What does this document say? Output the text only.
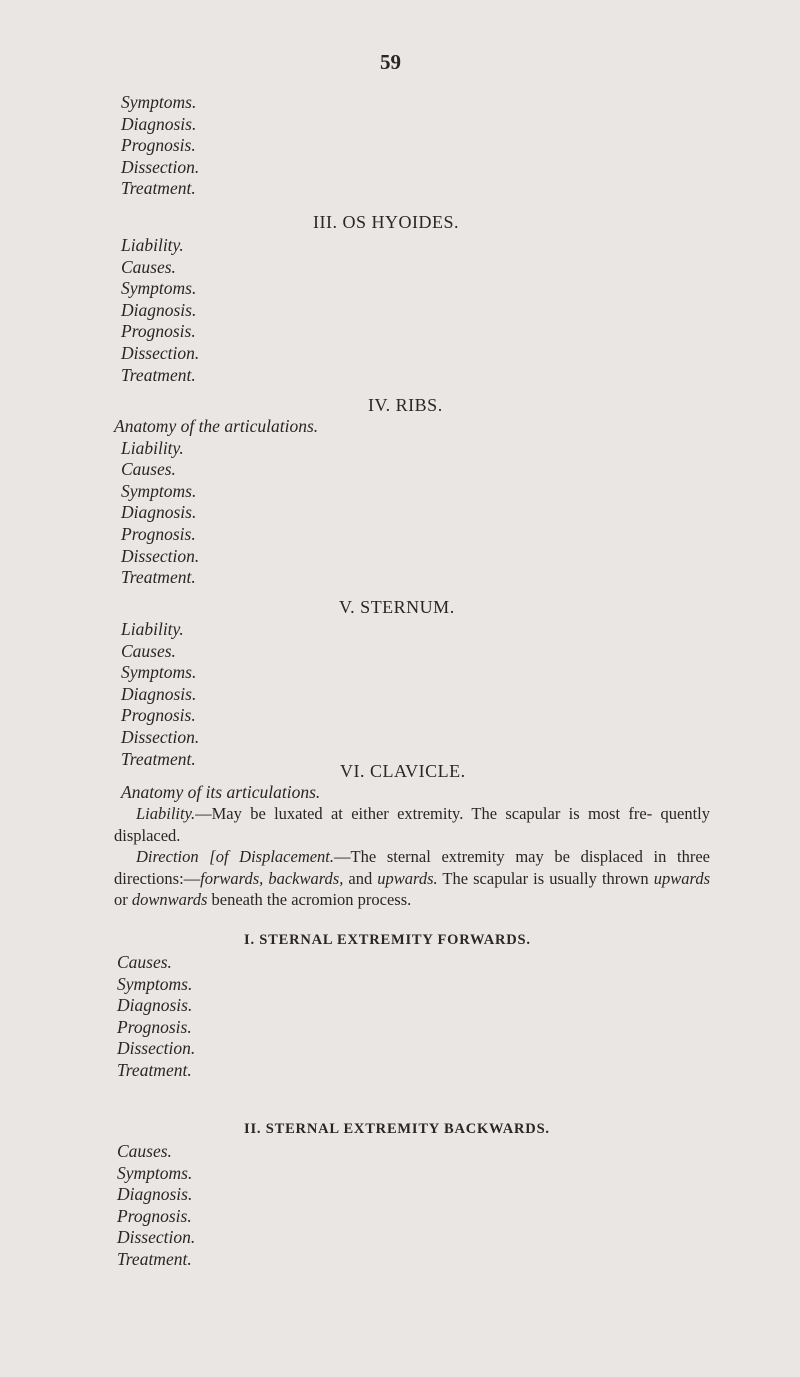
59
Symptoms.
Diagnosis.
Prognosis.
Dissection.
Treatment.
III. OS HYOIDES.
Liability.
Causes.
Symptoms.
Diagnosis.
Prognosis.
Dissection.
Treatment.
IV. RIBS.
Anatomy of the articulations.
Liability.
Causes.
Symptoms.
Diagnosis.
Prognosis.
Dissection.
Treatment.
V. STERNUM.
Liability.
Causes.
Symptoms.
Diagnosis.
Prognosis.
Dissection.
Treatment.
VI. CLAVICLE.
Anatomy of its articulations.

Liability.—May be luxated at either extremity. The scapular is most fre- quently displaced.

Direction [of Displacement.—The sternal extremity may be displaced in three directions:—forwards, backwards, and upwards. The scapular is usually thrown upwards or downwards beneath the acromion process.

I. STERNAL EXTREMITY FORWARDS.
Causes.
Symptoms.
Diagnosis.
Prognosis.
Dissection.
Treatment.
II. STERNAL EXTREMITY BACKWARDS.
Causes.
Symptoms.
Diagnosis.
Prognosis.
Dissection.
Treatment.
